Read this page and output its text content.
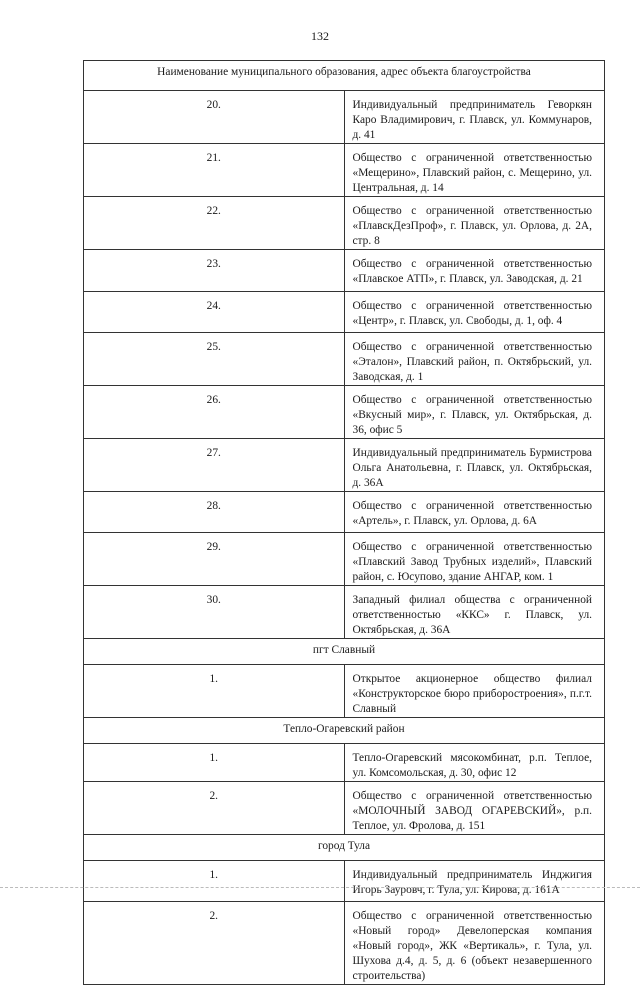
132
Наименование муниципального образования, адрес объекта благоустройства	
20.	Индивидуальный предприниматель Геворкян Каро Владимирович, г. Плавск, ул. Коммунаров, д. 41
21.	Общество с ограниченной ответственностью «Мещерино», Плавский район, с. Мещерино, ул. Центральная, д. 14
22.	Общество с ограниченной ответственностью «ПлавскДезПроф», г. Плавск, ул. Орлова, д. 2А, стр. 8
23.	Общество с ограниченной ответственностью «Плавское АТП», г. Плавск, ул. Заводская, д. 21
24.	Общество с ограниченной ответственностью «Центр», г. Плавск, ул. Свободы, д. 1, оф. 4
25.	Общество с ограниченной ответственностью «Эталон», Плавский район, п. Октябрьский, ул. Заводская, д. 1
26.	Общество с ограниченной ответственностью «Вкусный мир», г. Плавск, ул. Октябрьская, д. 36, офис 5
27.	Индивидуальный предприниматель Бурмистрова Ольга Анатольевна, г. Плавск, ул. Октябрьская, д. 36А
28.	Общество с ограниченной ответственностью «Артель», г. Плавск, ул. Орлова, д. 6А
29.	Общество с ограниченной ответственностью «Плавский Завод Трубных изделий», Плавский район, с. Юсупово, здание АНГАР, ком. 1
30.	Западный филиал общества с ограниченной ответственностью «ККС» г. Плавск, ул. Октябрьская, д. 36А
пгт Славный	
1.	Открытое акционерное общество филиал «Конструкторское бюро приборостроения», п.г.т. Славный
Тепло-Огаревский район	
1.	Тепло-Огаревский мясокомбинат, р.п. Теплое, ул. Комсомольская, д. 30, офис 12
2.	Общество с ограниченной ответственностью «МОЛОЧНЫЙ ЗАВОД ОГАРЕВСКИЙ», р.п. Теплое, ул. Фролова, д. 151
город Тула	
1.	Индивидуальный предприниматель Инджигия Игорь Зауровч, г. Тула, ул. Кирова, д. 161А
2.	Общество с ограниченной ответственностью «Новый город» Девелоперская компания «Новый город», ЖК «Вертикаль», г. Тула, ул. Шухова д.4, д. 5, д. 6 (объект незавершенного строительства)
